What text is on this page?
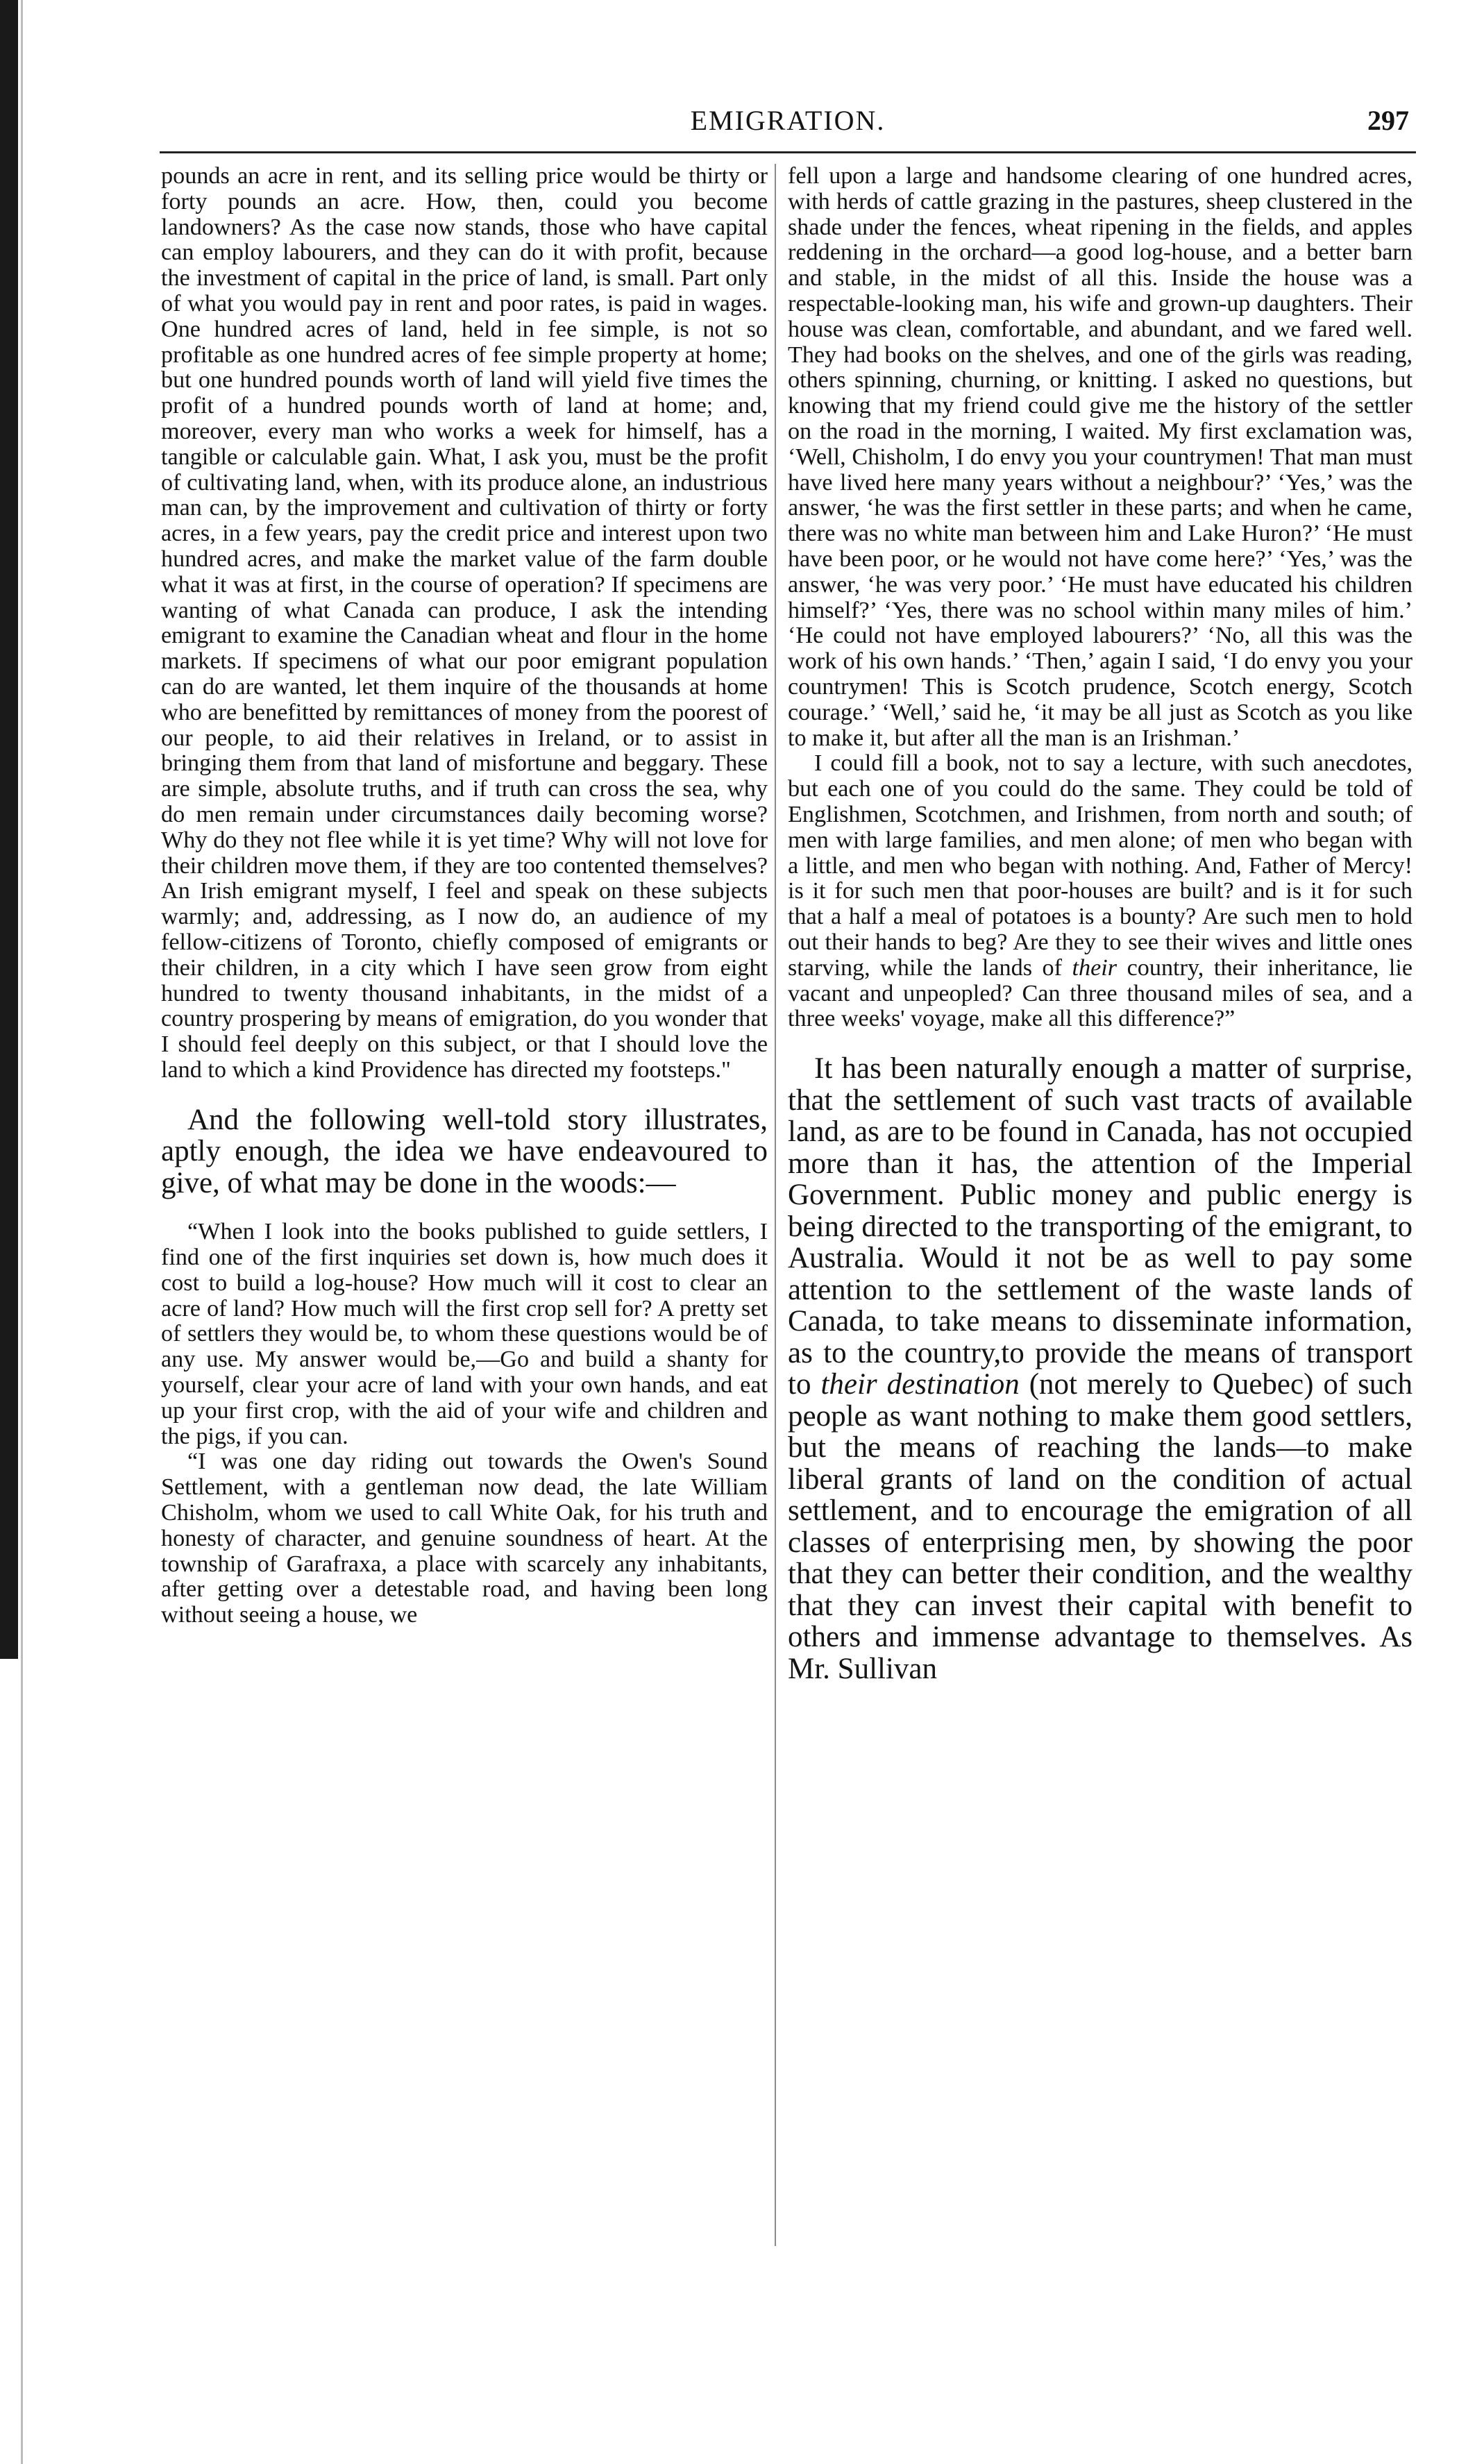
EMIGRATION.	297

pounds an acre in rent, and its selling price would be thirty or forty pounds an acre. How, then, could you become landowners? As the case now stands, those who have capital can employ labourers, and they can do it with profit, because the investment of capital in the price of land, is small. Part only of what you would pay in rent and poor rates, is paid in wages. One hundred acres of land, held in fee simple, is not so profitable as one hundred acres of fee simple property at home; but one hundred pounds worth of land will yield five times the profit of a hundred pounds worth of land at home; and, moreover, every man who works a week for himself, has a tangible or calculable gain. What, I ask you, must be the profit of cultivating land, when, with its produce alone, an industrious man can, by the improvement and cultivation of thirty or forty acres, in a few years, pay the credit price and interest upon two hundred acres, and make the market value of the farm double what it was at first, in the course of operation? If specimens are wanting of what Canada can produce, I ask the intending emigrant to examine the Canadian wheat and flour in the home markets. If specimens of what our poor emigrant population can do are wanted, let them inquire of the thousands at home who are benefitted by remittances of money from the poorest of our people, to aid their relatives in Ireland, or to assist in bringing them from that land of misfortune and beggary. These are simple, absolute truths, and if truth can cross the sea, why do men remain under circumstances daily becoming worse? Why do they not flee while it is yet time? Why will not love for their children move them, if they are too contented themselves? An Irish emigrant myself, I feel and speak on these subjects warmly; and, addressing, as I now do, an audience of my fellow-citizens of Toronto, chiefly composed of emigrants or their children, in a city which I have seen grow from eight hundred to twenty thousand inhabitants, in the midst of a country prospering by means of emigration, do you wonder that I should feel deeply on this subject, or that I should love the land to which a kind Providence has directed my footsteps."

And the following well-told story illustrates, aptly enough, the idea we have endeavoured to give, of what may be done in the woods:—

“When I look into the books published to guide settlers, I find one of the first inquiries set down is, how much does it cost to build a log-house? How much will it cost to clear an acre of land? How much will the first crop sell for? A pretty set of settlers they would be, to whom these questions would be of any use. My answer would be,—Go and build a shanty for yourself, clear your acre of land with your own hands, and eat up your first crop, with the aid of your wife and children and the pigs, if you can.

“I was one day riding out towards the Owen's Sound Settlement, with a gentleman now dead, the late William Chisholm, whom we used to call White Oak, for his truth and honesty of character, and genuine soundness of heart. At the township of Garafraxa, a place with scarcely any inhabitants, after getting over a detestable road, and having been long without seeing a house, we

fell upon a large and handsome clearing of one hundred acres, with herds of cattle grazing in the pastures, sheep clustered in the shade under the fences, wheat ripening in the fields, and apples reddening in the orchard—a good log-house, and a better barn and stable, in the midst of all this. Inside the house was a respectable-looking man, his wife and grown-up daughters. Their house was clean, comfortable, and abundant, and we fared well. They had books on the shelves, and one of the girls was reading, others spinning, churning, or knitting. I asked no questions, but knowing that my friend could give me the history of the settler on the road in the morning, I waited. My first exclamation was, ‘Well, Chisholm, I do envy you your countrymen! That man must have lived here many years without a neighbour?’ ‘Yes,’ was the answer, ‘he was the first settler in these parts; and when he came, there was no white man between him and Lake Huron?’ ‘He must have been poor, or he would not have come here?’ ‘Yes,’ was the answer, ‘he was very poor.’ ‘He must have educated his children himself?’ ‘Yes, there was no school within many miles of him.’ ‘He could not have employed labourers?’ ‘No, all this was the work of his own hands.’ ‘Then,’ again I said, ‘I do envy you your countrymen! This is Scotch prudence, Scotch energy, Scotch courage.’ ‘Well,’ said he, ‘it may be all just as Scotch as you like to make it, but after all the man is an Irishman.’

I could fill a book, not to say a lecture, with such anecdotes, but each one of you could do the same. They could be told of Englishmen, Scotchmen, and Irishmen, from north and south; of men with large families, and men alone; of men who began with a little, and men who began with nothing. And, Father of Mercy! is it for such men that poor-houses are built? and is it for such that a half a meal of potatoes is a bounty? Are such men to hold out their hands to beg? Are they to see their wives and little ones starving, while the lands of their country, their inheritance, lie vacant and unpeopled? Can three thousand miles of sea, and a three weeks' voyage, make all this difference?”

It has been naturally enough a matter of surprise, that the settlement of such vast tracts of available land, as are to be found in Canada, has not occupied more than it has, the attention of the Imperial Government. Public money and public energy is being directed to the transporting of the emigrant, to Australia. Would it not be as well to pay some attention to the settlement of the waste lands of Canada, to take means to disseminate information, as to the country,to provide the means of transport to their destination (not merely to Quebec) of such people as want nothing to make them good settlers, but the means of reaching the lands—to make liberal grants of land on the condition of actual settlement, and to encourage the emigration of all classes of enterprising men, by showing the poor that they can better their condition, and the wealthy that they can invest their capital with benefit to others and immense advantage to themselves. As Mr. Sullivan
